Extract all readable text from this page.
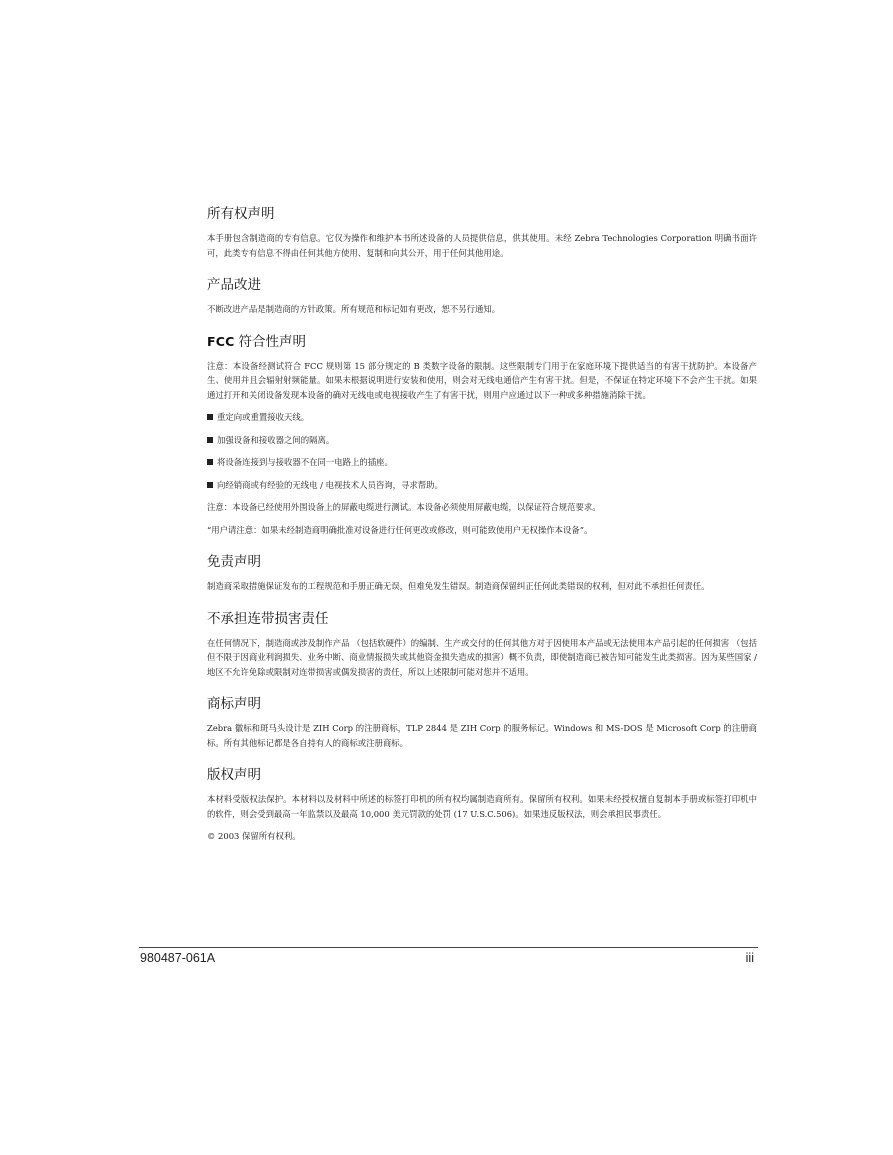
所有权声明

本手册包含制造商的专有信息。它仅为操作和维护本书所述设备的人员提供信息，供其使用。未经 Zebra Technologies Corporation 明确书面许可，此类专有信息不得由任何其他方使用、复制和向其公开，用于任何其他用途。

产品改进

不断改进产品是制造商的方针政策。所有规范和标记如有更改，恕不另行通知。

FCC 符合性声明

注意：本设备经测试符合 FCC 规则第 15 部分规定的 B 类数字设备的限制。这些限制专门用于在家庭环境下提供适当的有害干扰防护。本设备产生、使用并且会辐射射频能量。如果未根据说明进行安装和使用，则会对无线电通信产生有害干扰。但是，不保证在特定环境下不会产生干扰。如果通过打开和关闭设备发现本设备的确对无线电或电视接收产生了有害干扰，则用户应通过以下一种或多种措施消除干扰。

重定向或重置接收天线。

加强设备和接收器之间的隔离。

将设备连接到与接收器不在同一电路上的插座。

向经销商或有经验的无线电 / 电视技术人员咨询，寻求帮助。

注意：本设备已经使用外围设备上的屏蔽电缆进行测试。本设备必须使用屏蔽电缆，以保证符合规范要求。

“用户请注意：如果未经制造商明确批准对设备进行任何更改或修改，则可能致使用户无权操作本设备”。

免责声明

制造商采取措施保证发布的工程规范和手册正确无误，但难免发生错误。制造商保留纠正任何此类错误的权利，但对此不承担任何责任。

不承担连带损害责任

在任何情况下，制造商或涉及制作产品 （包括软硬件）的编制、生产或交付的任何其他方对于因使用本产品或无法使用本产品引起的任何损害 （包括但不限于因商业利润损失、业务中断、商业情报损失或其他资金损失造成的损害）概不负责，即使制造商已被告知可能发生此类损害。因为某些国家 / 地区不允许免除或限制对连带损害或偶发损害的责任，所以上述限制可能对您并不适用。

商标声明

Zebra 徽标和斑马头设计是 ZIH Corp 的注册商标，TLP 2844 是 ZIH Corp 的服务标记。Windows 和 MS-DOS 是 Microsoft Corp 的注册商标。所有其他标记都是各自持有人的商标或注册商标。

版权声明

本材料受版权法保护。本材料以及材料中所述的标签打印机的所有权均属制造商所有。保留所有权利。如果未经授权擅自复制本手册或标签打印机中的软件，则会受到最高一年监禁以及最高 10,000 美元罚款的处罚 (17 U.S.C.506)。如果违反版权法，则会承担民事责任。

© 2003 保留所有权利。

980487-061A	iii
